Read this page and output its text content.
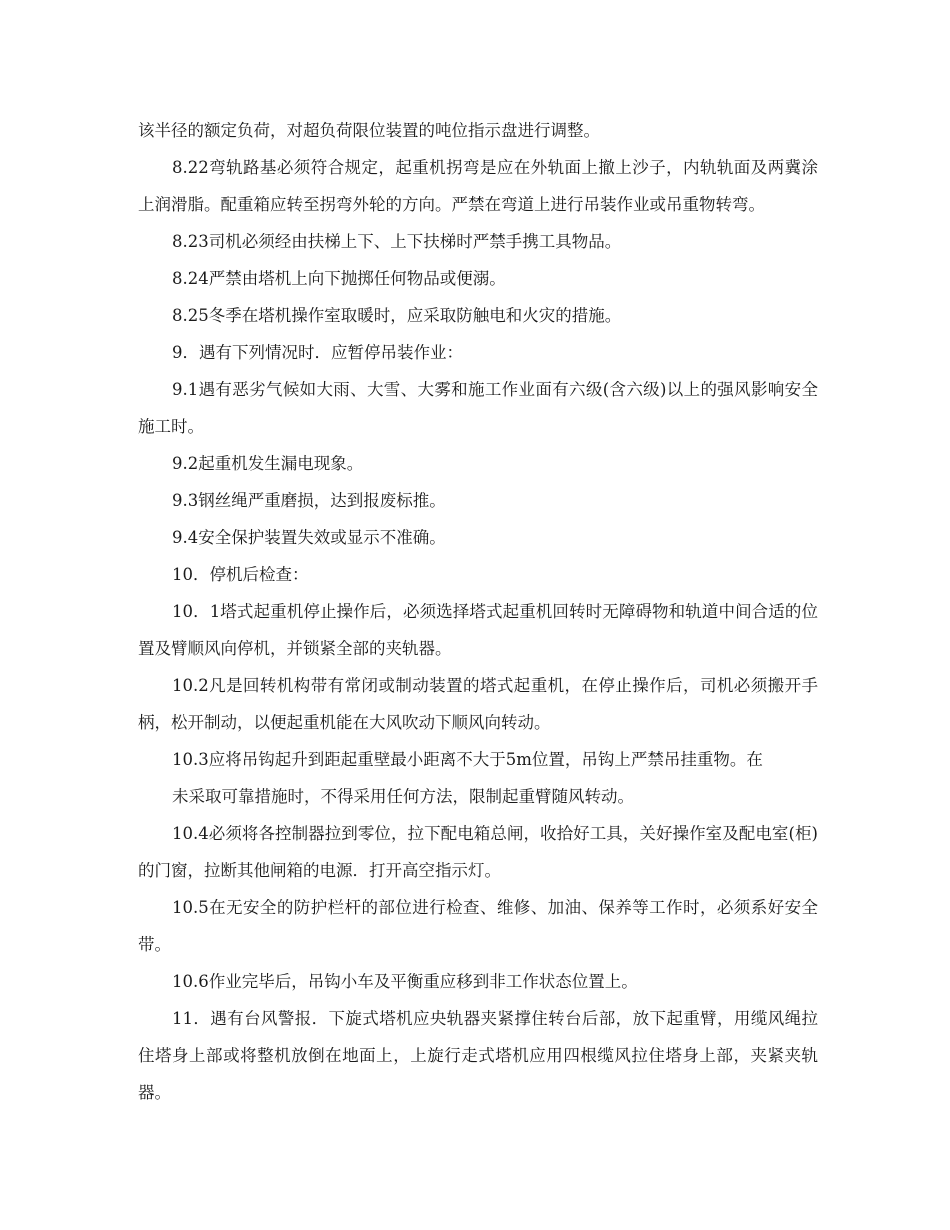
该半径的额定负荷，对超负荷限位装置的吨位指示盘进行调整。

8.22弯轨路基必须符合规定，起重机拐弯是应在外轨面上撤上沙子，内轨轨面及两冀涂上润滑脂。配重箱应转至拐弯外轮的方向。严禁在弯道上进行吊装作业或吊重物转弯。

8.23司机必须经由扶梯上下、上下扶梯时严禁手携工具物品。

8.24严禁由塔机上向下抛掷任何物品或便溺。

8.25冬季在塔机操作室取暖时，应采取防触电和火灾的措施。

9．遇有下列情况时．应暂停吊装作业：

9.1遇有恶劣气候如大雨、大雪、大雾和施工作业面有六级(含六级)以上的强风影响安全施工时。

9.2起重机发生漏电现象。

9.3钢丝绳严重磨损，达到报废标推。

9.4安全保护装置失效或显示不准确。

10．停机后检查：

10．1塔式起重机停止操作后，必须选择塔式起重机回转时无障碍物和轨道中间合适的位置及臂顺风向停机，并锁紧全部的夹轨器。

10.2凡是回转机构带有常闭或制动装置的塔式起重机，在停止操作后，司机必须搬开手柄，松开制动，以便起重机能在大风吹动下顺风向转动。

10.3应将吊钩起升到距起重壁最小距离不大于5m位置，吊钩上严禁吊挂重物。在

未采取可靠措施时，不得采用任何方法，限制起重臂随风转动。

10.4必须将各控制器拉到零位，拉下配电箱总闸，收拾好工具，关好操作室及配电室(柜)的门窗，拉断其他闸箱的电源．打开高空指示灯。

10.5在无安全的防护栏杆的部位进行检查、维修、加油、保养等工作时，必须系好安全带。

10.6作业完毕后，吊钩小车及平衡重应移到非工作状态位置上。

11．遇有台风警报．下旋式塔机应央轨器夹紧撑住转台后部，放下起重臂，用缆风绳拉住塔身上部或将整机放倒在地面上，上旋行走式塔机应用四根缆风拉住塔身上部，夹紧夹轨器。
